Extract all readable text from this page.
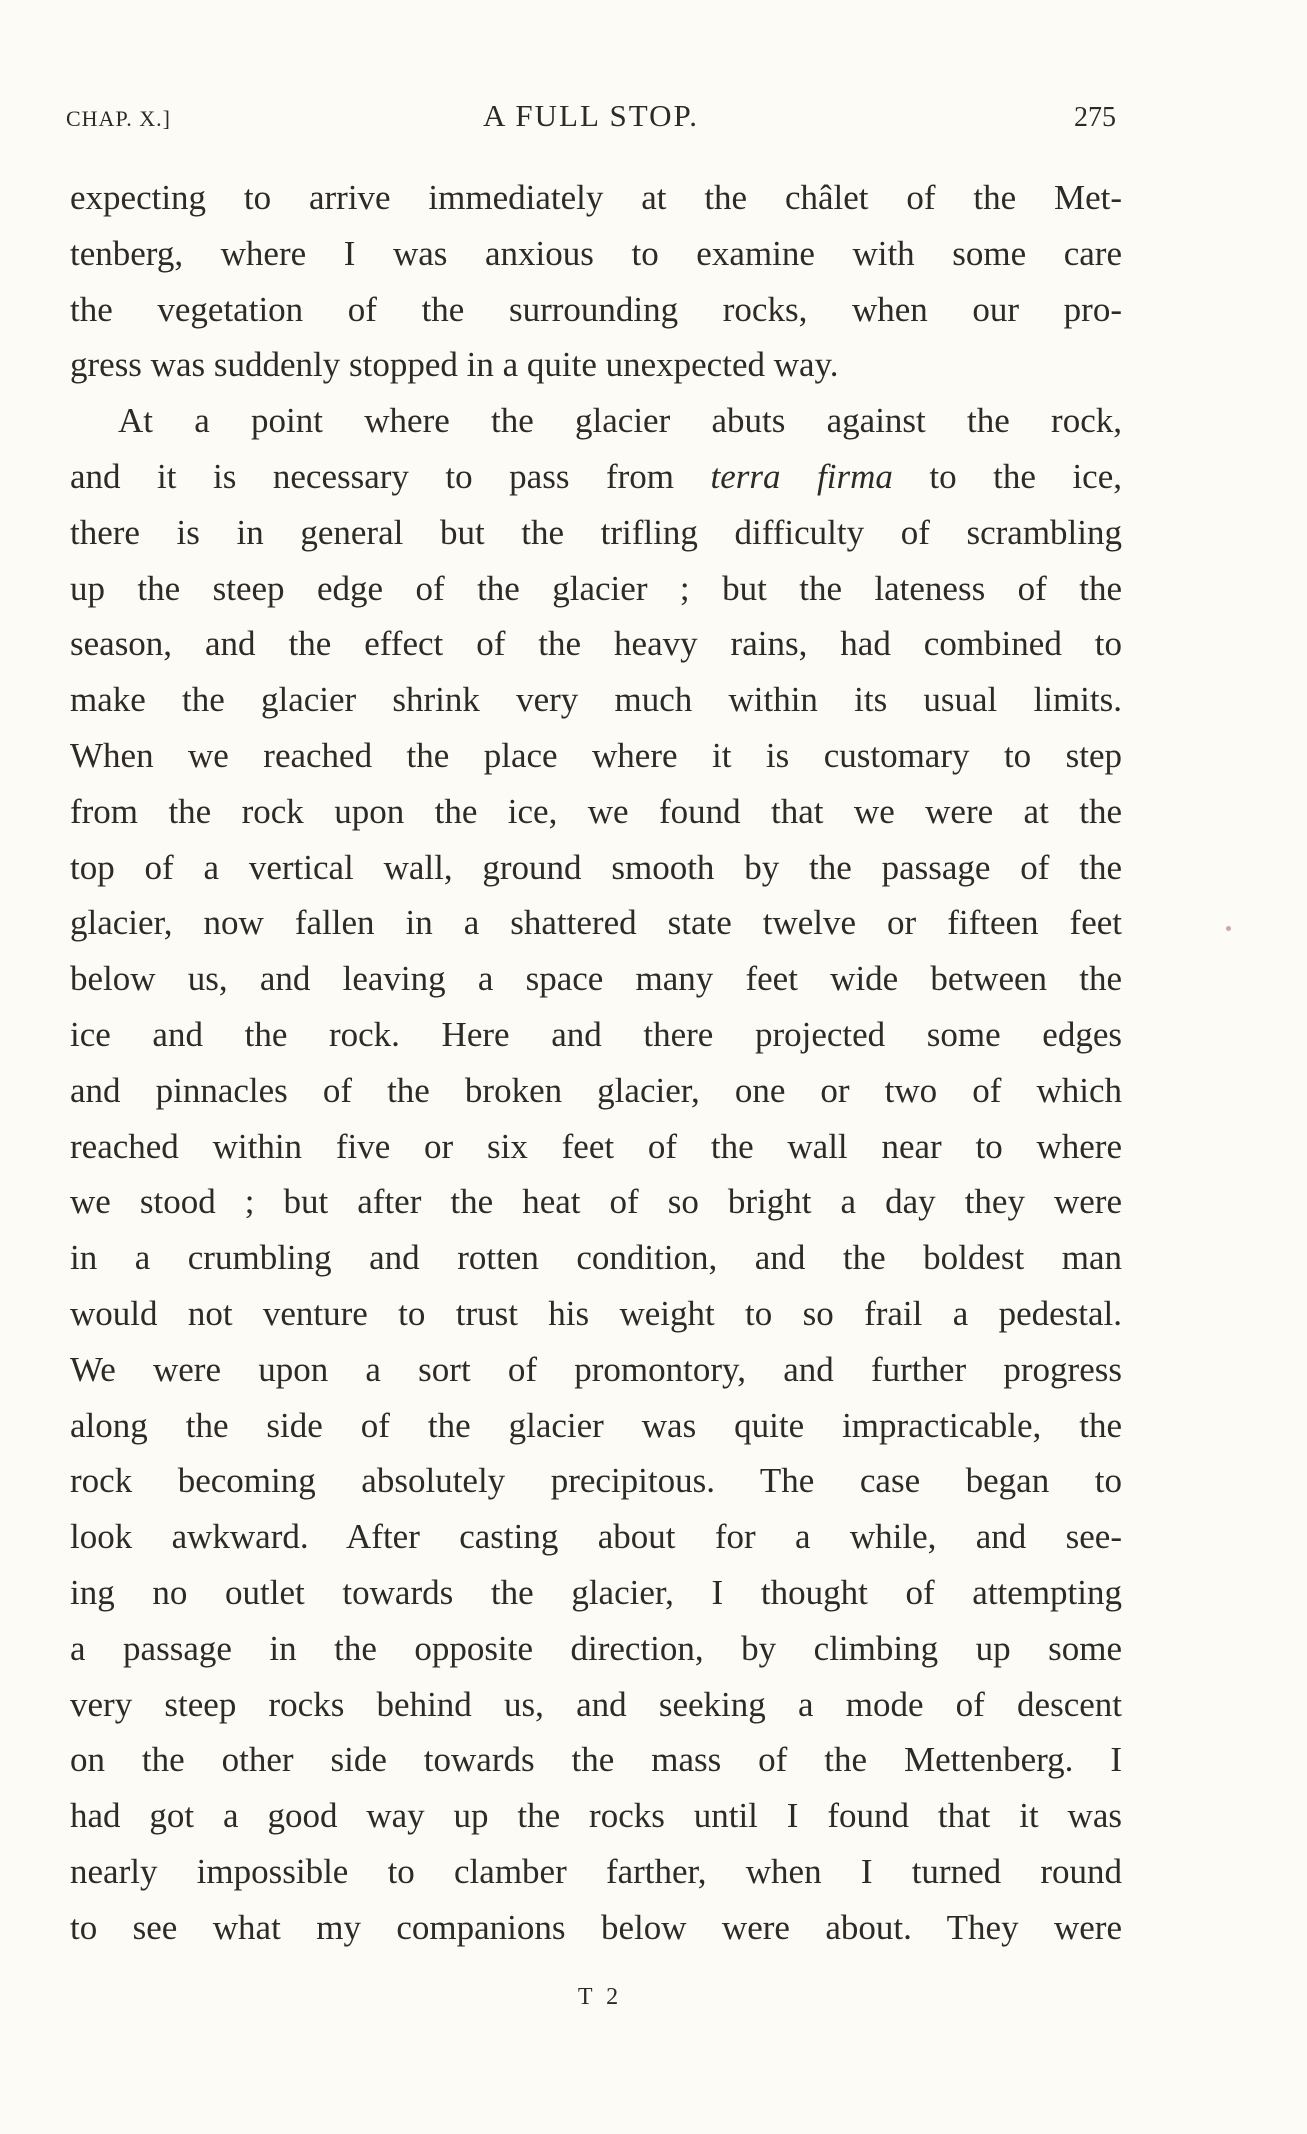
CHAP. X.]	A FULL STOP.	275
expecting to arrive immediately at the châlet of the Met-
tenberg, where I was anxious to examine with some care
the vegetation of the surrounding rocks, when our pro-
gress was suddenly stopped in a quite unexpected way.
At a point where the glacier abuts against the rock,
and it is necessary to pass from terra firma to the ice,
there is in general but the trifling difficulty of scrambling
up the steep edge of the glacier ; but the lateness of the
season, and the effect of the heavy rains, had combined to
make the glacier shrink very much within its usual limits.
When we reached the place where it is customary to step
from the rock upon the ice, we found that we were at the
top of a vertical wall, ground smooth by the passage of the
glacier, now fallen in a shattered state twelve or fifteen feet
below us, and leaving a space many feet wide between the
ice and the rock. Here and there projected some edges
and pinnacles of the broken glacier, one or two of which
reached within five or six feet of the wall near to where
we stood ; but after the heat of so bright a day they were
in a crumbling and rotten condition, and the boldest man
would not venture to trust his weight to so frail a pedestal.
We were upon a sort of promontory, and further progress
along the side of the glacier was quite impracticable, the
rock becoming absolutely precipitous. The case began to
look awkward. After casting about for a while, and see-
ing no outlet towards the glacier, I thought of attempting
a passage in the opposite direction, by climbing up some
very steep rocks behind us, and seeking a mode of descent
on the other side towards the mass of the Mettenberg. I
had got a good way up the rocks until I found that it was
nearly impossible to clamber farther, when I turned round
to see what my companions below were about. They were
T 2
